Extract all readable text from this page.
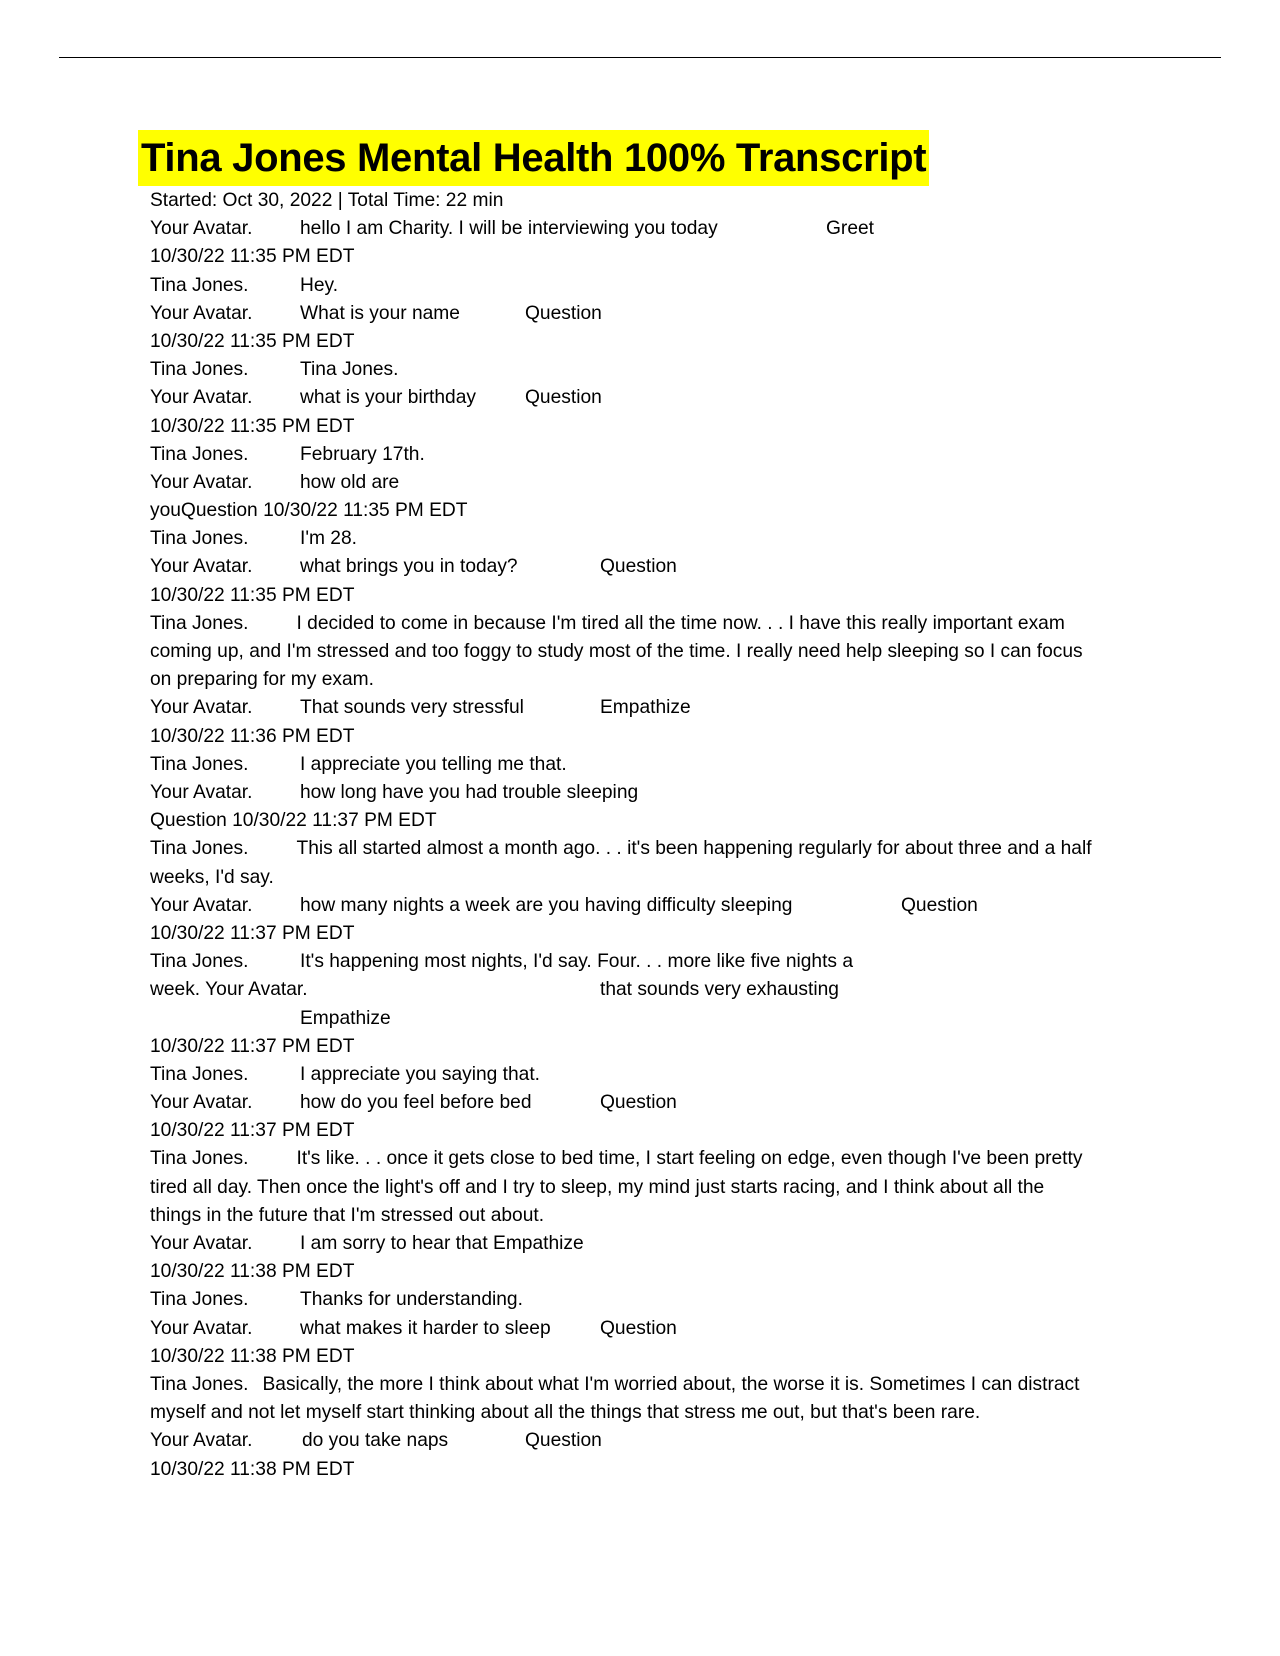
Tina Jones Mental Health 100% Transcript
Started: Oct 30, 2022 | Total Time: 22 min
Your Avatar. hello I am Charity. I will be interviewing you today	Greet
10/30/22 11:35 PM EDT
Tina Jones.	Hey.
Your Avatar. What is your name	Question
10/30/22 11:35 PM EDT
Tina Jones.	Tina Jones.
Your Avatar. what is your birthday	Question
10/30/22 11:35 PM EDT
Tina Jones.	February 17th.
Your Avatar. how old are
youQuestion 10/30/22 11:35 PM EDT
Tina Jones.	I'm 28.
Your Avatar. what brings you in today?	Question
10/30/22 11:35 PM EDT
Tina Jones.	I decided to come in because I'm tired all the time now. . . I have this really important exam coming up, and I'm stressed and too foggy to study most of the time. I really need help sleeping so I can focus on preparing for my exam.
Your Avatar. That sounds very stressful	Empathize
10/30/22 11:36 PM EDT
Tina Jones.	I appreciate you telling me that.
Your Avatar. how long have you had trouble sleeping
Question 10/30/22 11:37 PM EDT
Tina Jones.	This all started almost a month ago. . . it's been happening regularly for about three and a half weeks, I'd say.
Your Avatar. how many nights a week are you having difficulty sleeping	Question
10/30/22 11:37 PM EDT
Tina Jones.	It's happening most nights, I'd say. Four. . . more like five nights a
week. Your Avatar.	that sounds very exhausting
Empathize
10/30/22 11:37 PM EDT
Tina Jones.	I appreciate you saying that.
Your Avatar. how do you feel before bed	Question
10/30/22 11:37 PM EDT
Tina Jones.	It's like. . . once it gets close to bed time, I start feeling on edge, even though I've been pretty tired all day. Then once the light's off and I try to sleep, my mind just starts racing, and I think about all the things in the future that I'm stressed out about.
Your Avatar. I am sorry to hear that Empathize
10/30/22 11:38 PM EDT
Tina Jones.	Thanks for understanding.
Your Avatar. what makes it harder to sleep	Question
10/30/22 11:38 PM EDT
Tina Jones. Basically, the more I think about what I'm worried about, the worse it is. Sometimes I can distract myself and not let myself start thinking about all the things that stress me out, but that's been rare.
Your Avatar.	do you take naps	Question
10/30/22 11:38 PM EDT
